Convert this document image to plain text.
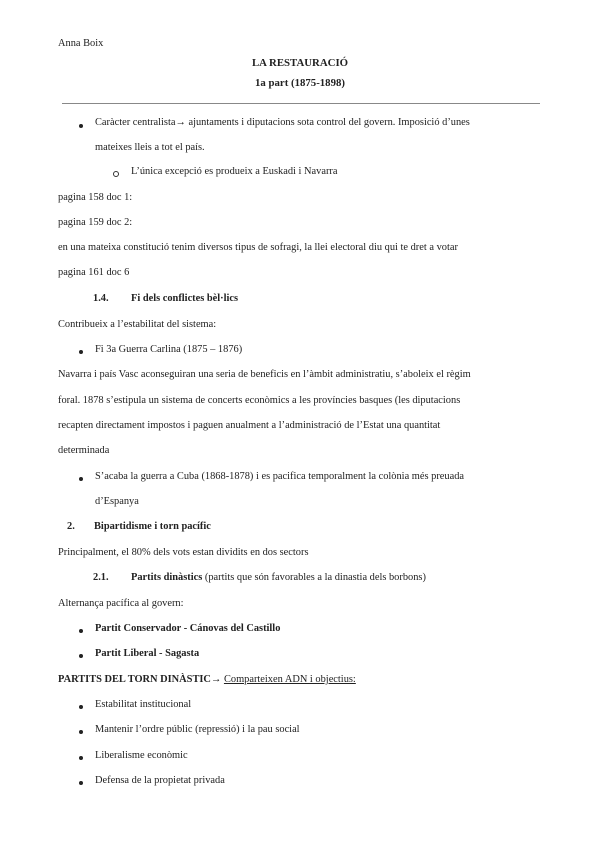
Anna Boix
LA RESTAURACIÓ
1a part (1875-1898)
Caràcter centralista→ ajuntaments i diputacions sota control del govern. Imposició d’unes
mateixes lleis a tot el país.
L’única excepció es produeix a Euskadi i Navarra
pagina 158 doc 1:
pagina 159 doc 2:
en una mateixa constitució tenim diversos tipus de sofragi, la llei electoral diu qui te dret a votar
pagina 161 doc 6
1.4. Fi dels conflictes bèl·lics
Contribueix a l’estabilitat del sistema:
Fi 3a Guerra Carlina (1875 – 1876)
Navarra i país Vasc aconseguiran una seria de beneficis en l’àmbit administratiu, s’aboleix el règim
foral. 1878 s’estipula un sistema de concerts econòmics a les províncies basques (les diputacions
recapten directament impostos i paguen anualment a l’administració de l’Estat una quantitat
determinada
S’acaba la guerra a Cuba (1868-1878) i es pacifica temporalment la colònia més preuada
d’Espanya
2. Bipartidisme i torn pacífic
Principalment, el 80% dels vots estan dividits en dos sectors
2.1. Partits dinàstics (partits que són favorables a la dinastia dels borbons)
Alternança pacífica al govern:
Partit Conservador - Cánovas del Castillo
Partit Liberal - Sagasta
PARTITS DEL TORN DINÀSTIC→ Comparteixen ADN i objectius:
Estabilitat institucional
Mantenir l’ordre públic (repressió) i la pau social
Liberalisme econòmic
Defensa de la propietat privada
